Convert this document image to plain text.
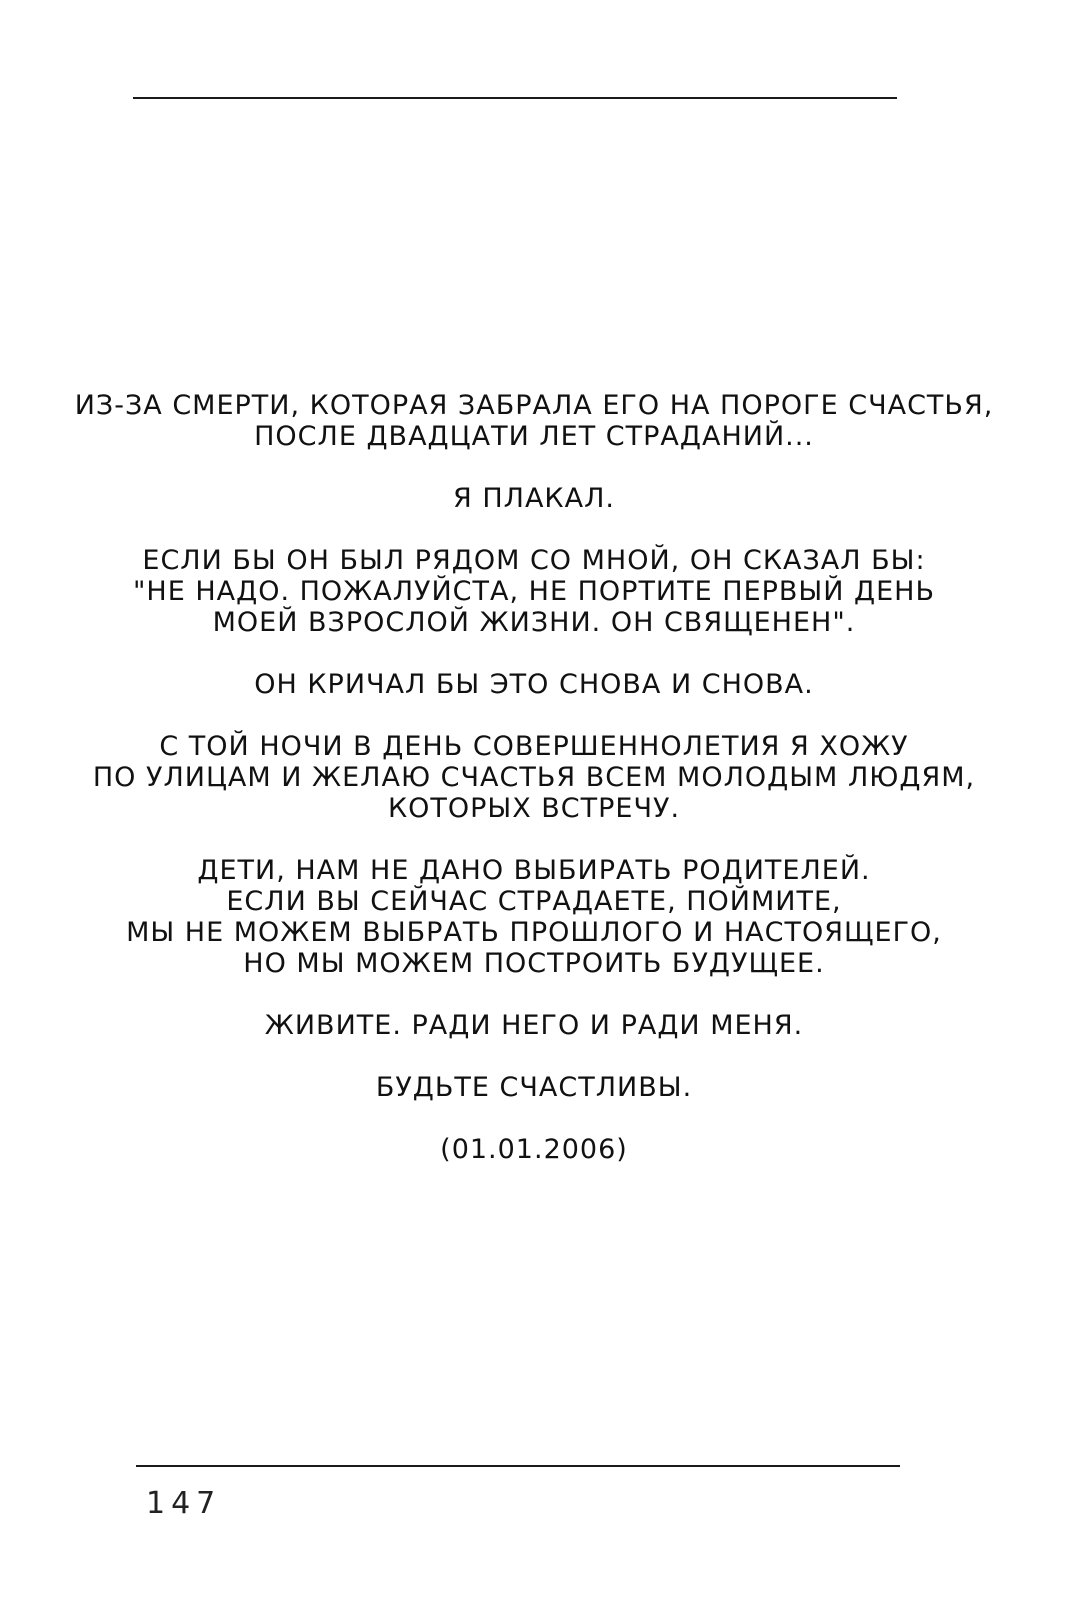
ИЗ-ЗА СМЕРТИ, КОТОРАЯ ЗАБРАЛА ЕГО НА ПОРОГЕ СЧАСТЬЯ,
ПОСЛЕ ДВАДЦАТИ ЛЕТ СТРАДАНИЙ...

Я ПЛАКАЛ.

ЕСЛИ БЫ ОН БЫЛ РЯДОМ СО МНОЙ, ОН СКАЗАЛ БЫ:
"НЕ НАДО. ПОЖАЛУЙСТА, НЕ ПОРТИТЕ ПЕРВЫЙ ДЕНЬ
МОЕЙ ВЗРОСЛОЙ ЖИЗНИ. ОН СВЯЩЕНЕН".

ОН КРИЧАЛ БЫ ЭТО СНОВА И СНОВА.

С ТОЙ НОЧИ В ДЕНЬ СОВЕРШЕННОЛЕТИЯ Я ХОЖУ
ПО УЛИЦАМ И ЖЕЛАЮ СЧАСТЬЯ ВСЕМ МОЛОДЫМ ЛЮДЯМ,
КОТОРЫХ ВСТРЕЧУ.

ДЕТИ, НАМ НЕ ДАНО ВЫБИРАТЬ РОДИТЕЛЕЙ.
ЕСЛИ ВЫ СЕЙЧАС СТРАДАЕТЕ, ПОЙМИТЕ,
МЫ НЕ МОЖЕМ ВЫБРАТЬ ПРОШЛОГО И НАСТОЯЩЕГО,
НО МЫ МОЖЕМ ПОСТРОИТЬ БУДУЩЕЕ.

ЖИВИТЕ. РАДИ НЕГО И РАДИ МЕНЯ.

БУДЬТЕ СЧАСТЛИВЫ.

(01.01.2006)

147
